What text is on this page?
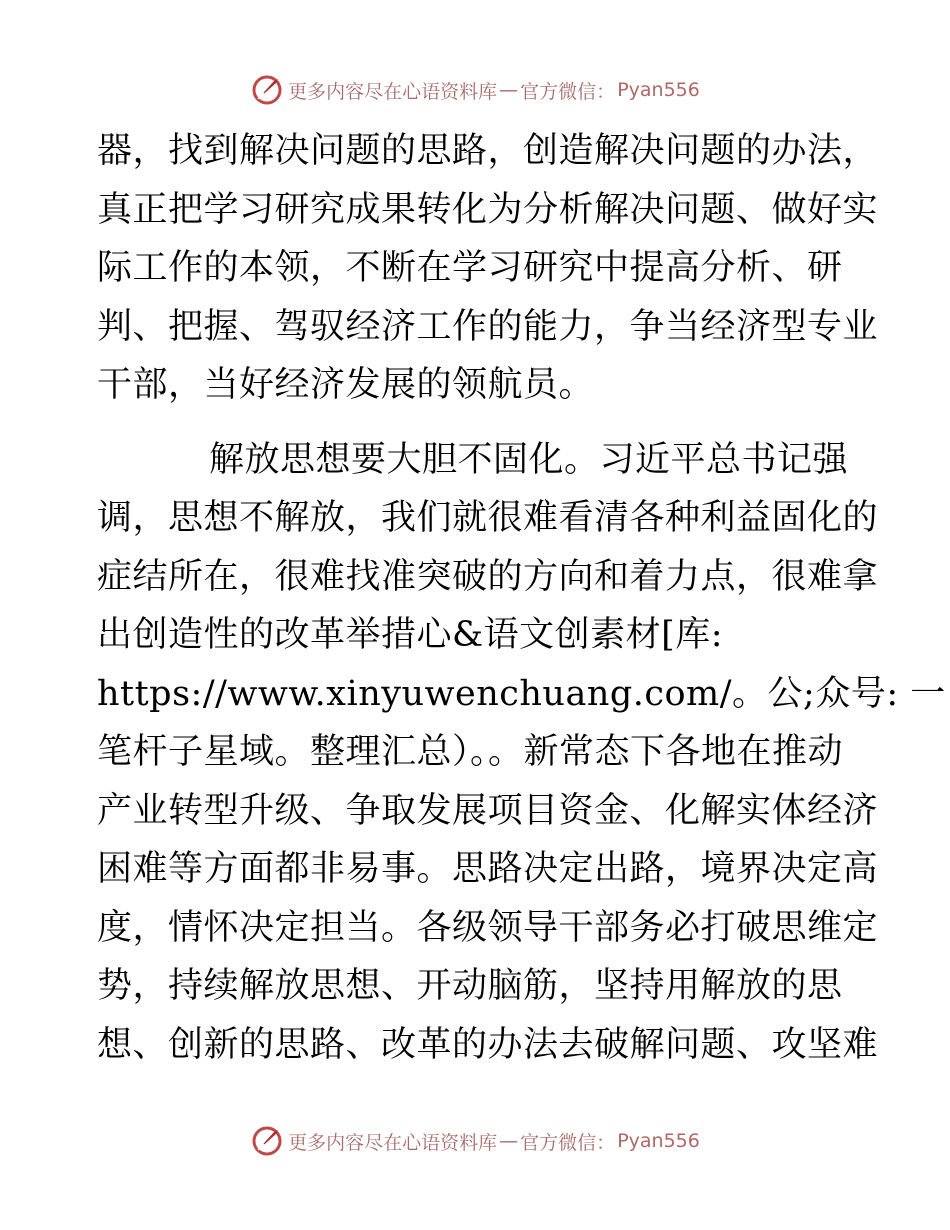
更多内容尽在心语资料库 — 官方微信： Pyan556
器，找到解决问题的思路，创造解决问题的办法，
真正把学习研究成果转化为分析解决问题、做好实
际工作的本领，不断在学习研究中提高分析、研
判、把握、驾驭经济工作的能力，争当经济型专业
干部，当好经济发展的领航员。
解放思想要大胆不固化。习近平总书记强
调，思想不解放，我们就很难看清各种利益固化的
症结所在，很难找准突破的方向和着力点，很难拿
出创造性的改革举措心&语文创素材[库:
https://www.xinyuwenchuang.com/。公;众号: 一
笔杆子星域。整理汇总）。。新常态下各地在推动
产业转型升级、争取发展项目资金、化解实体经济
困难等方面都非易事。思路决定出路，境界决定高
度，情怀决定担当。各级领导干部务必打破思维定
势，持续解放思想、开动脑筋，坚持用解放的思
想、创新的思路、改革的办法去破解问题、攻坚难
更多内容尽在心语资料库 — 官方微信： Pyan556
